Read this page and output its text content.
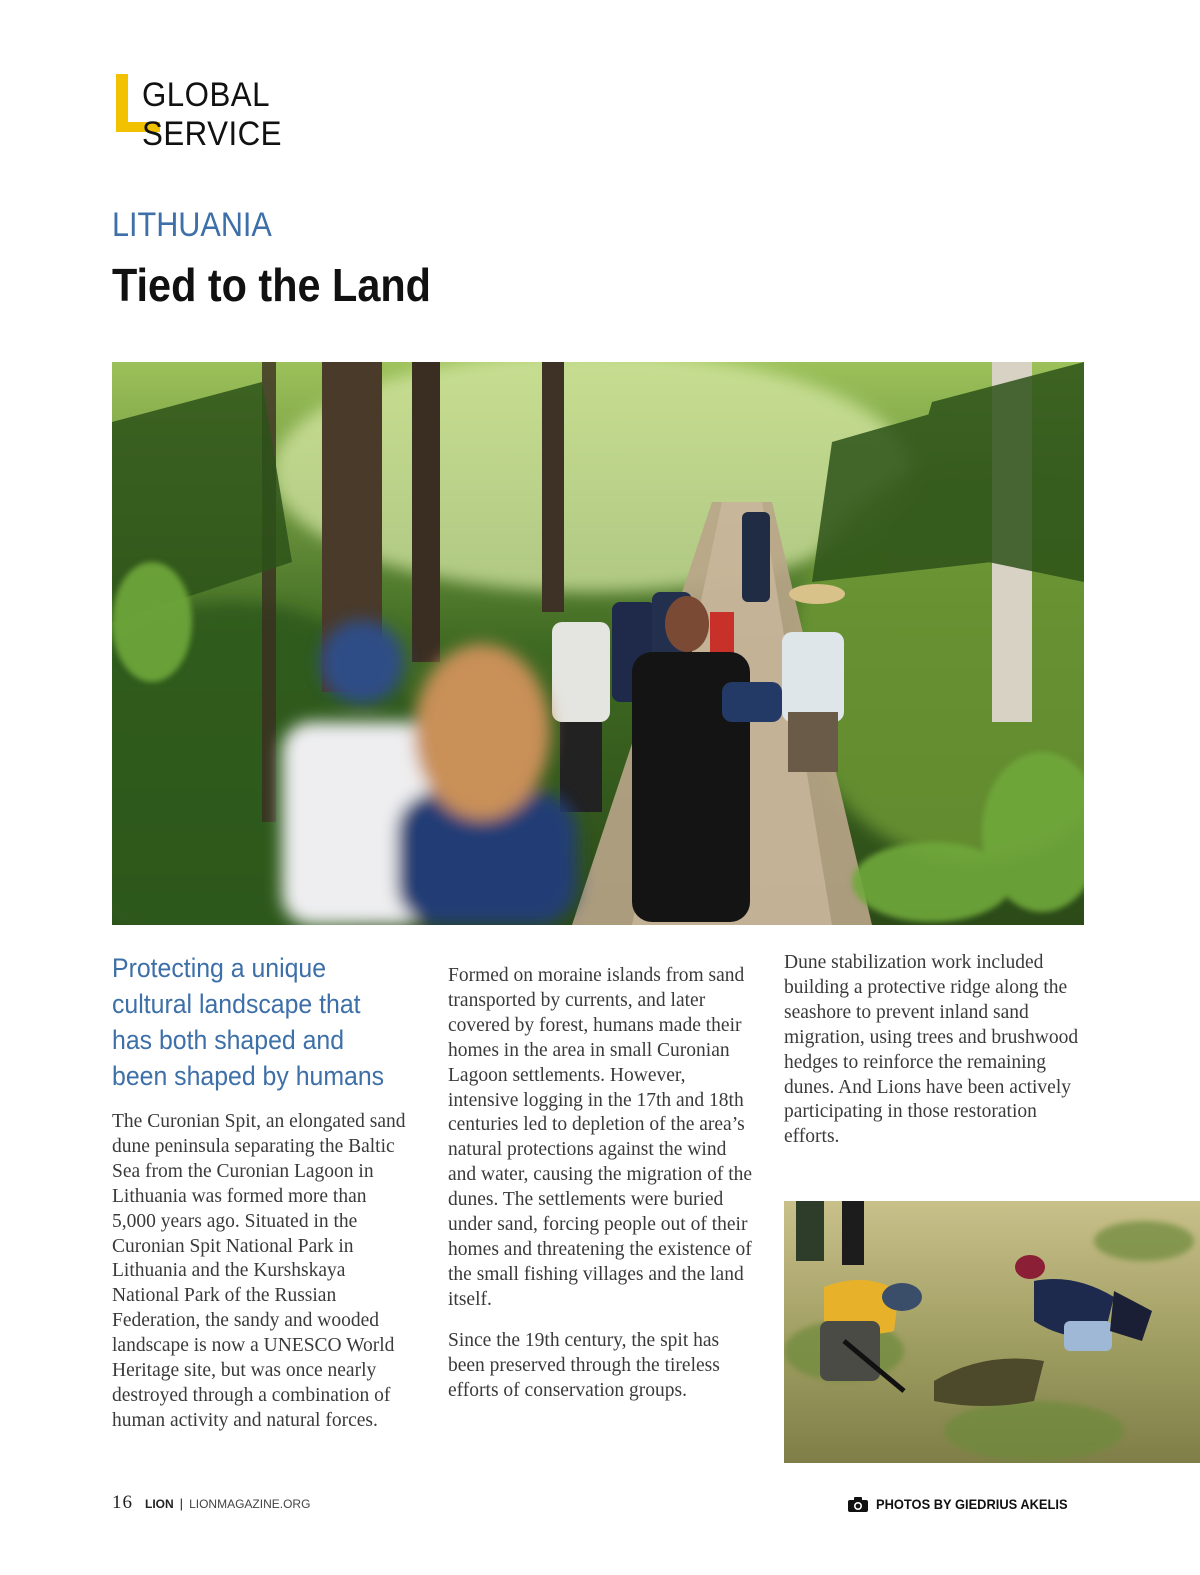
GLOBAL SERVICE
LITHUANIA
Tied to the Land
Protecting a unique cultural landscape that has both shaped and been shaped by humans

The Curonian Spit, an elongated sand dune peninsula separating the Baltic Sea from the Curonian Lagoon in Lithuania was formed more than 5,000 years ago. Situated in the Curonian Spit National Park in Lithuania and the Kurshskaya National Park of the Russian Federation, the sandy and wooded landscape is now a UNESCO World Heritage site, but was once nearly destroyed through a combination of human activity and natural forces.

Formed on moraine islands from sand transported by currents, and later covered by forest, humans made their homes in the area in small Curonian Lagoon settlements. However, intensive logging in the 17th and 18th centuries led to depletion of the area’s natural protections against the wind and water, causing the migration of the dunes. The settlements were buried under sand, forcing people out of their homes and threatening the existence of the small fishing villages and the land itself.

Since the 19th century, the spit has been preserved through the tireless efforts of conservation groups.

Dune stabilization work included building a protective ridge along the seashore to prevent inland sand migration, using trees and brushwood hedges to reinforce the remaining dunes. And Lions have been actively participating in those restoration efforts.

16 LION | LIONMAGAZINE.ORG	PHOTOS BY GIEDRIUS AKELIS
